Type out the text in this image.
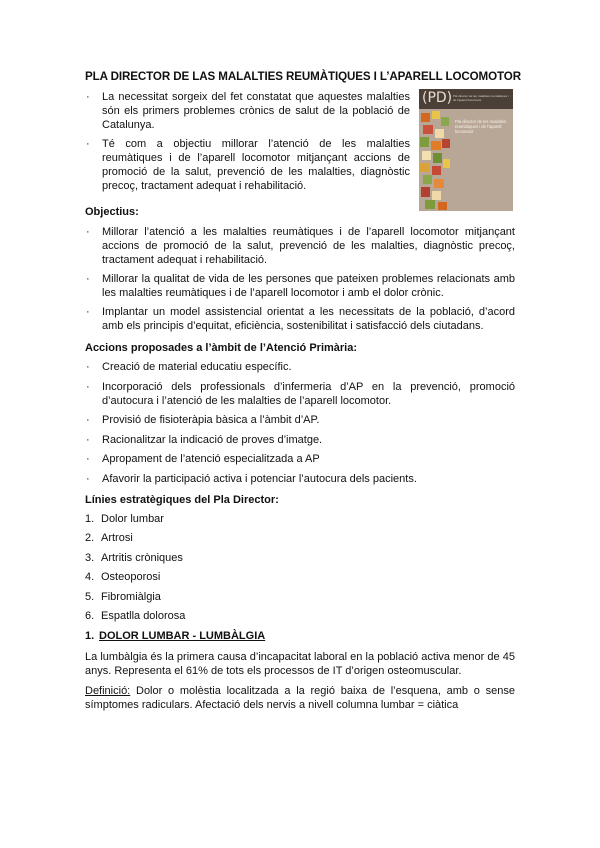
PLA DIRECTOR DE LAS MALALTIES REUMÀTIQUES I L’APARELL LOCOMOTOR
· La necessitat sorgeix del fet constatat que aquestes malalties són els primers problemes crònics de salut de la població de Catalunya.
· Té com a objectiu millorar l’atenció de les malalties reumàtiques i de l’aparell locomotor mitjançant accions de promoció de la salut, prevenció de les malalties, diagnòstic precoç, tractament adequat i rehabilitació.
(PD) Pla director de les malalties reumàtiques i de l'aparell locomotor
Pla director de les malalties reumàtiques i de l'aparell locomotor

Objectius:

· Millorar l’atenció a les malalties reumàtiques i de l’aparell locomotor mitjançant accions de promoció de la salut, prevenció de les malalties, diagnòstic precoç, tractament adequat i rehabilitació.
· Millorar la qualitat de vida de les persones que pateixen problemes relacionats amb les malalties reumàtiques i de l’aparell locomotor i amb el dolor crònic.
· Implantar un model assistencial orientat a les necessitats de la població, d’acord amb els principis d’equitat, eficiència, sostenibilitat i satisfacció dels ciutadans.

Accions proposades a l’àmbit de l’Atenció Primària:

· Creació de material educatiu específic.
· Incorporació dels professionals d’infermeria d’AP en la prevenció, promoció d’autocura i l’atenció de les malalties de l’aparell locomotor.
· Provisió de fisioteràpia bàsica a l’àmbit d’AP.
· Racionalitzar la indicació de proves d’imatge.
· Apropament de l’atenció especialitzada a AP
· Afavorir la participació activa i potenciar l’autocura dels pacients.

Línies estratègiques del Pla Director:

1. Dolor lumbar
2. Artrosi
3. Artritis cròniques
4. Osteoporosi
5. Fibromiàlgia
6. Espatlla dolorosa

1. DOLOR LUMBAR - LUMBÀLGIA

La lumbàlgia és la primera causa d’incapacitat laboral en la població activa menor de 45 anys. Representa el 61% de tots els processos de IT d’origen osteomuscular.

Definició: Dolor o molèstia localitzada a la regió baixa de l’esquena, amb o sense símptomes radiculars. Afectació dels nervis a nivell columna lumbar = ciàtica
